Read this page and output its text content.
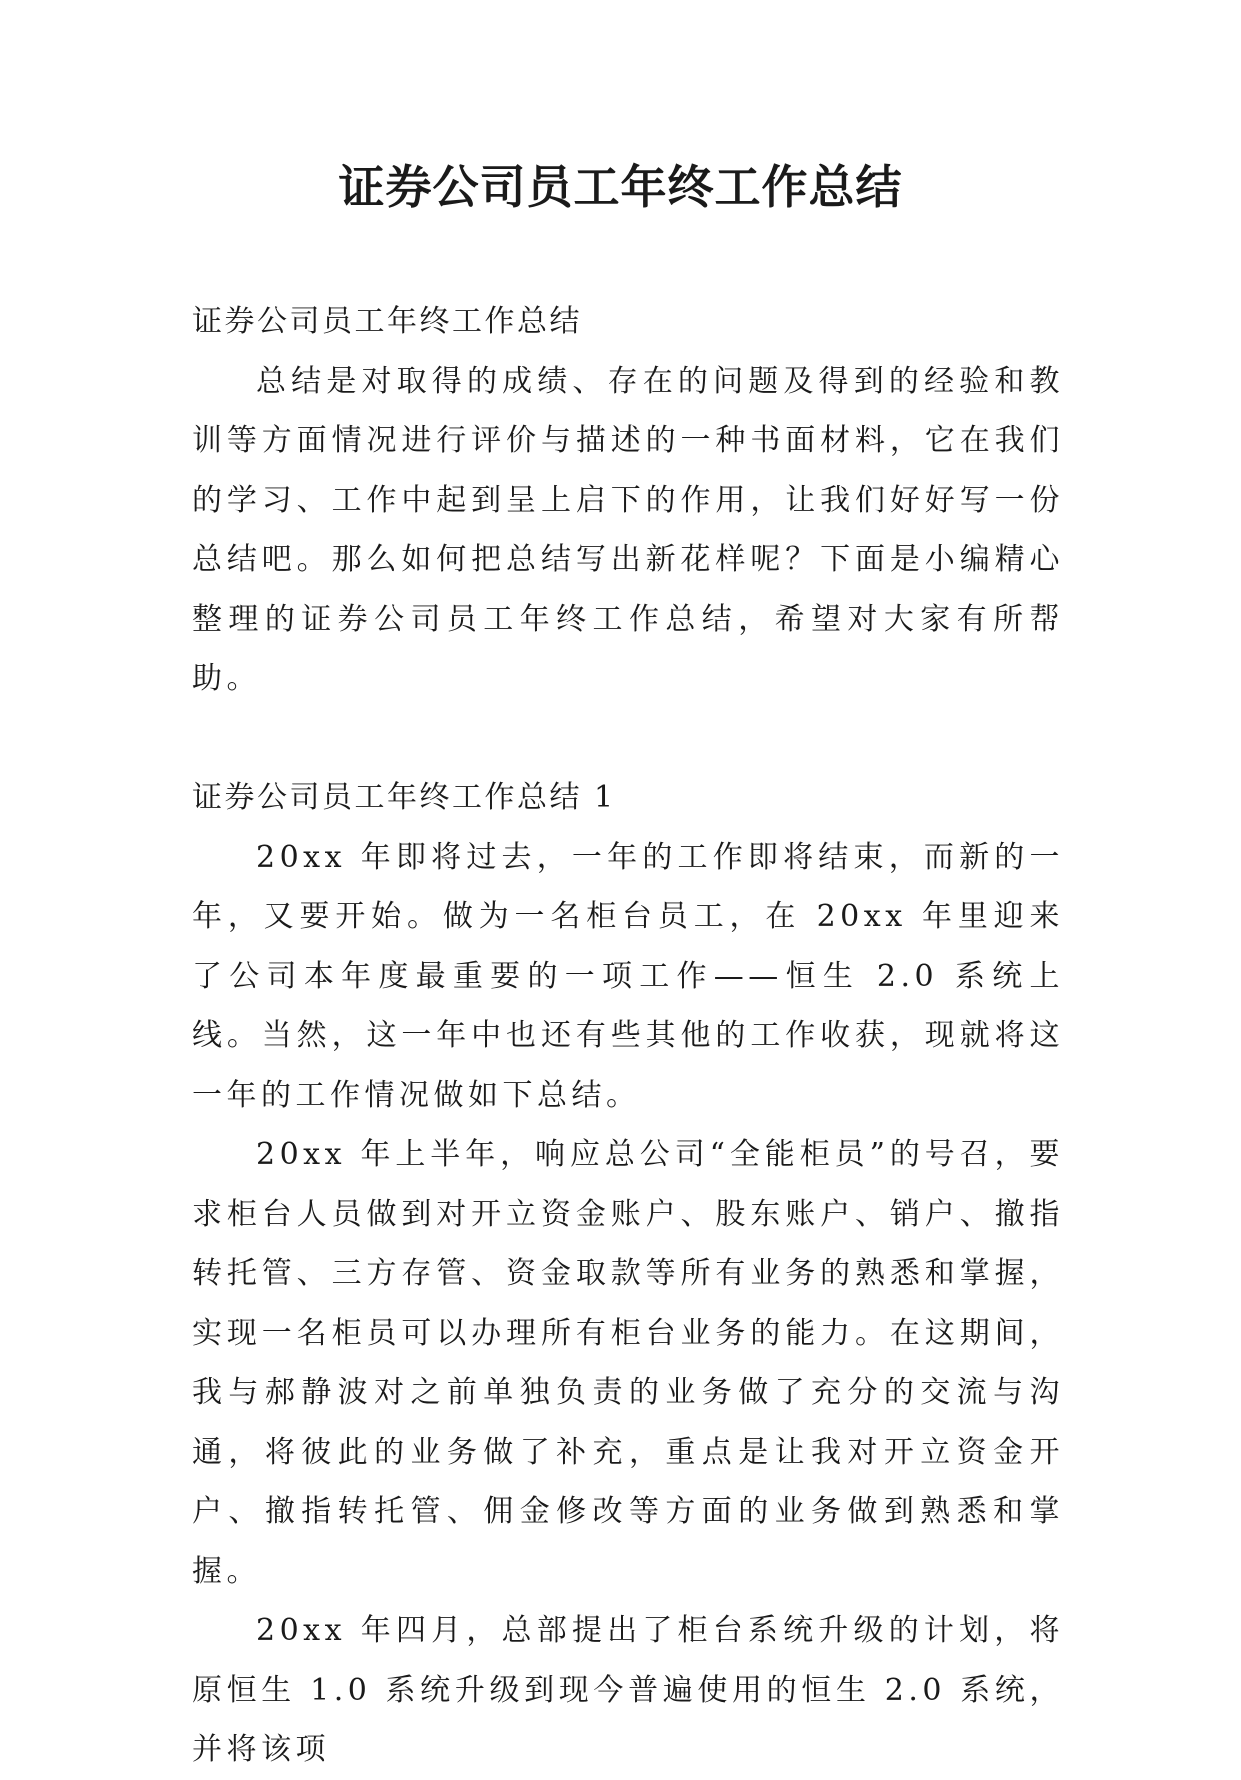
证券公司员工年终工作总结

证券公司员工年终工作总结

总结是对取得的成绩、存在的问题及得到的经验和教训等方面情况进行评价与描述的一种书面材料，它在我们的学习、工作中起到呈上启下的作用，让我们好好写一份总结吧。那么如何把总结写出新花样呢？下面是小编精心整理的证券公司员工年终工作总结，希望对大家有所帮助。

证券公司员工年终工作总结 1

20xx 年即将过去，一年的工作即将结束，而新的一年，又要开始。做为一名柜台员工，在 20xx 年里迎来了公司本年度最重要的一项工作——恒生 2.0 系统上线。当然，这一年中也还有些其他的工作收获，现就将这一年的工作情况做如下总结。

20xx 年上半年，响应总公司“全能柜员”的号召，要求柜台人员做到对开立资金账户、股东账户、销户、撤指转托管、三方存管、资金取款等所有业务的熟悉和掌握，实现一名柜员可以办理所有柜台业务的能力。在这期间，我与郝静波对之前单独负责的业务做了充分的交流与沟通，将彼此的业务做了补充，重点是让我对开立资金开户、撤指转托管、佣金修改等方面的业务做到熟悉和掌握。

20xx 年四月，总部提出了柜台系统升级的计划，将原恒生 1.0 系统升级到现今普遍使用的恒生 2.0 系统，并将该项
